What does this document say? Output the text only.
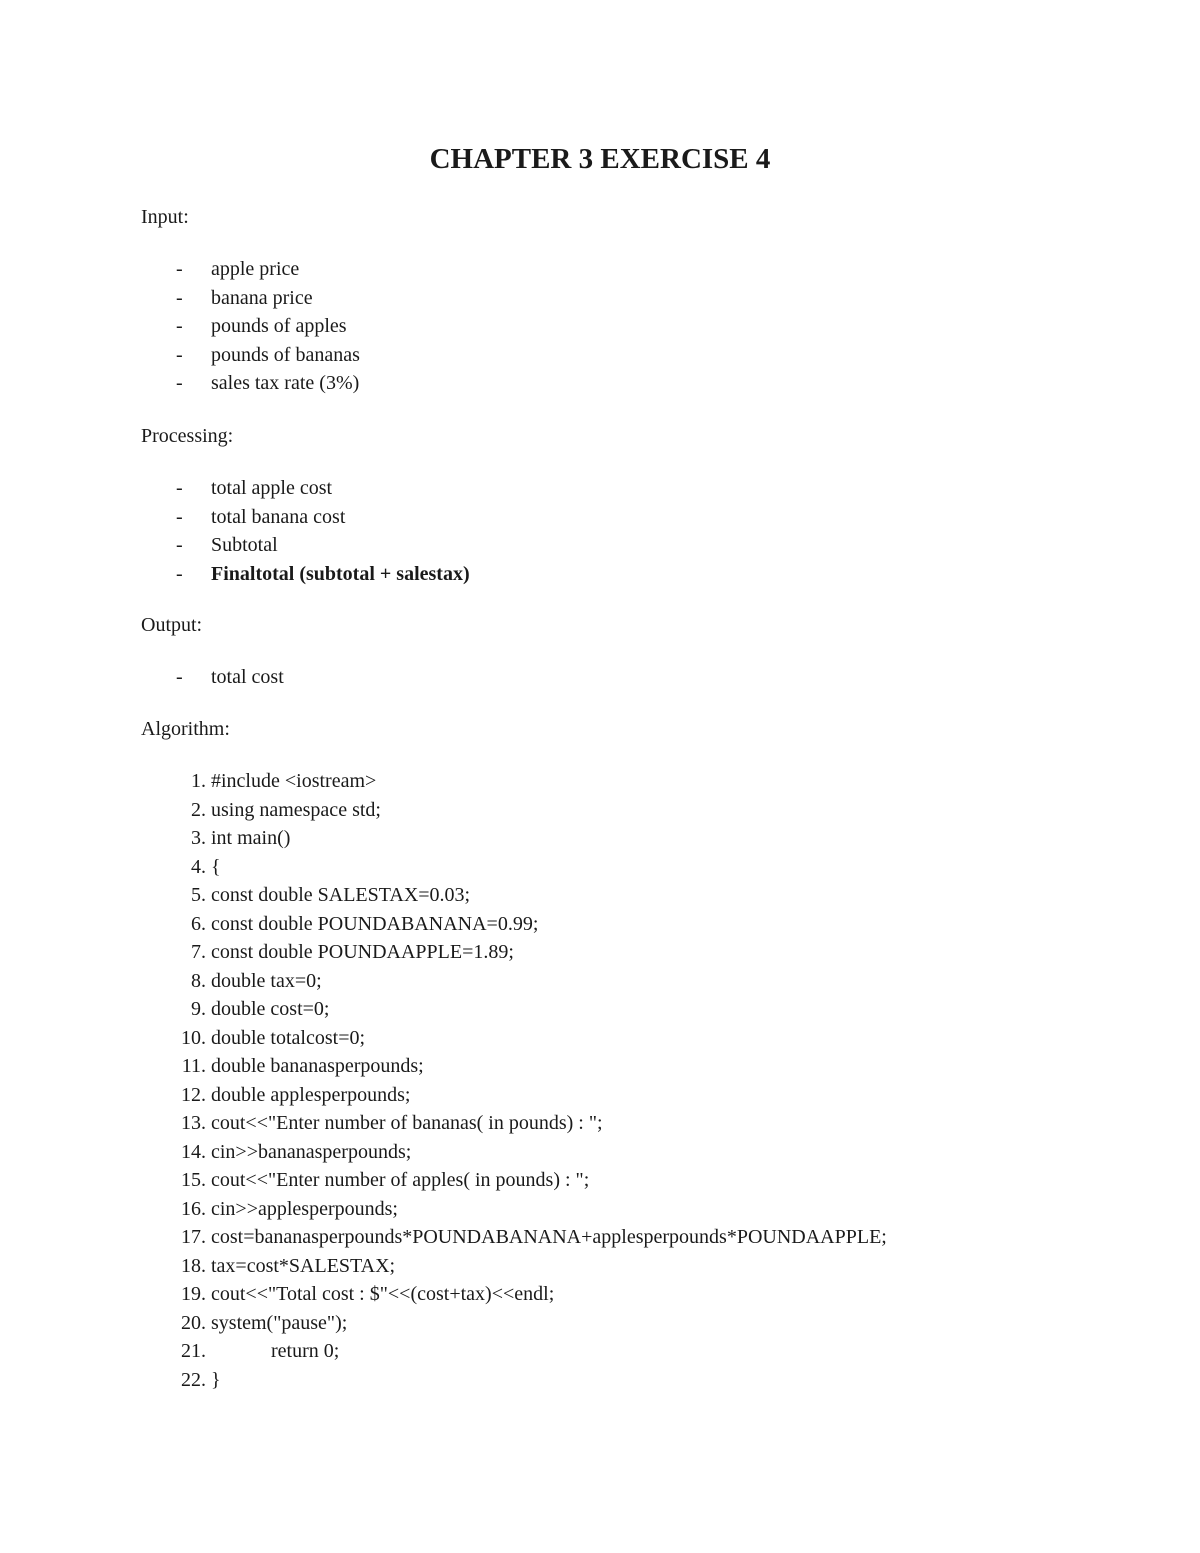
CHAPTER 3 EXERCISE 4

Input:

- apple price
- banana price
- pounds of apples
- pounds of bananas
- sales tax rate (3%)

Processing:

- total apple cost
- total banana cost
- Subtotal
- Finaltotal (subtotal + salestax)

Output:

- total cost

Algorithm:

1. #include <iostream>
2. using namespace std;
3. int main()
4. {
5. const double SALESTAX=0.03;
6. const double POUNDABANANA=0.99;
7. const double POUNDAAPPLE=1.89;
8. double tax=0;
9. double cost=0;
10. double totalcost=0;
11. double bananasperpounds;
12. double applesperpounds;
13. cout<<"Enter number of bananas( in pounds) : ";
14. cin>>bananasperpounds;
15. cout<<"Enter number of apples( in pounds) : ";
16. cin>>applesperpounds;
17. cost=bananasperpounds*POUNDABANANA+applesperpounds*POUNDAAPPLE;
18. tax=cost*SALESTAX;
19. cout<<"Total cost : $"<<(cost+tax)<<endl;
20. system("pause");
21. return 0;
22. }
